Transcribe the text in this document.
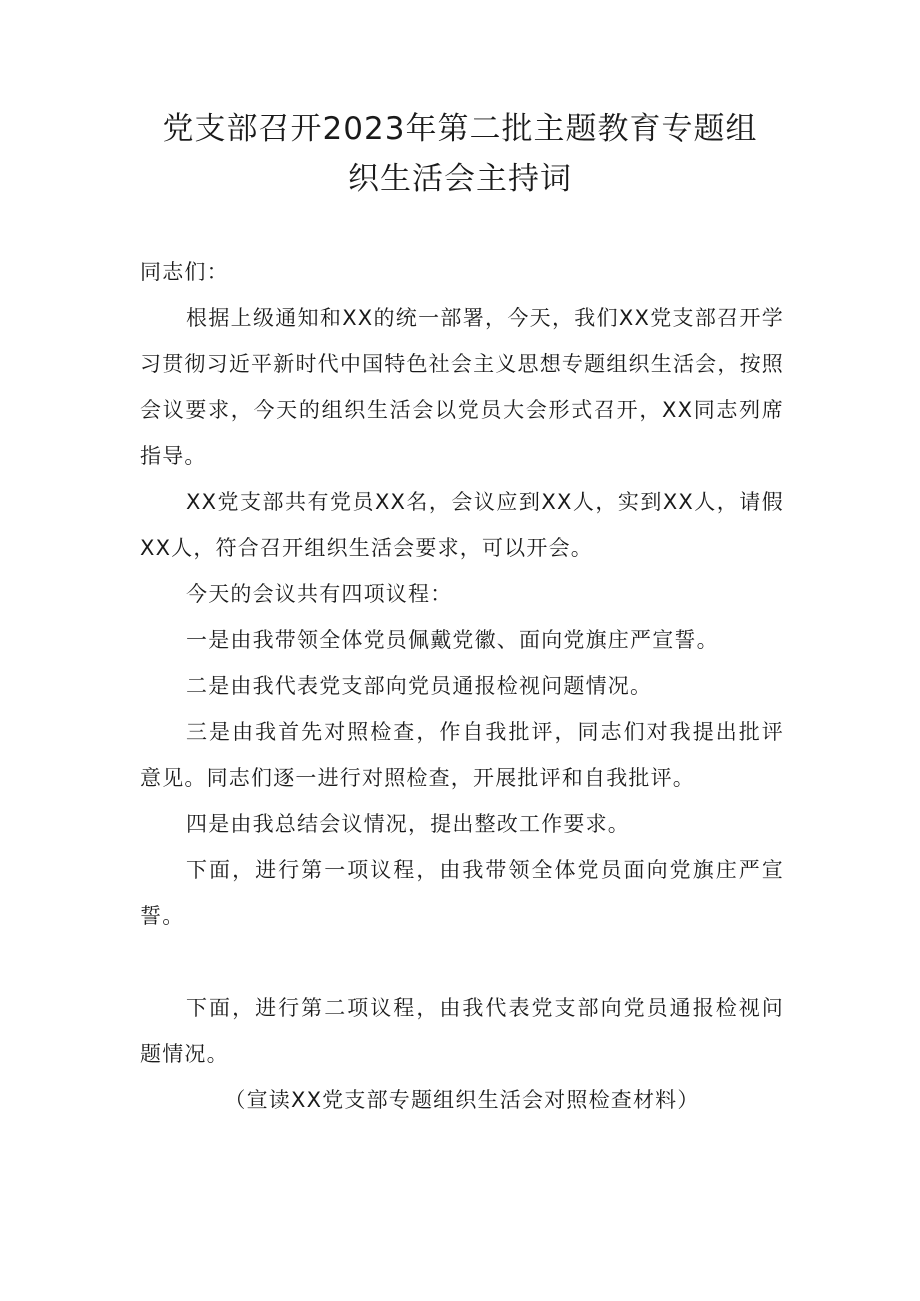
党支部召开2023年第二批主题教育专题组
织生活会主持词

同志们：

根据上级通知和XX的统一部署，今天，我们XX党支部召开学习贯彻习近平新时代中国特色社会主义思想专题组织生活会，按照会议要求，今天的组织生活会以党员大会形式召开，XX同志列席指导。

XX党支部共有党员XX名，会议应到XX人，实到XX人，请假XX人，符合召开组织生活会要求，可以开会。

今天的会议共有四项议程：

一是由我带领全体党员佩戴党徽、面向党旗庄严宣誓。

二是由我代表党支部向党员通报检视问题情况。

三是由我首先对照检查，作自我批评，同志们对我提出批评意见。同志们逐一进行对照检查，开展批评和自我批评。

四是由我总结会议情况，提出整改工作要求。

下面，进行第一项议程，由我带领全体党员面向党旗庄严宣誓。

下面，进行第二项议程，由我代表党支部向党员通报检视问题情况。

（宣读XX党支部专题组织生活会对照检查材料）
